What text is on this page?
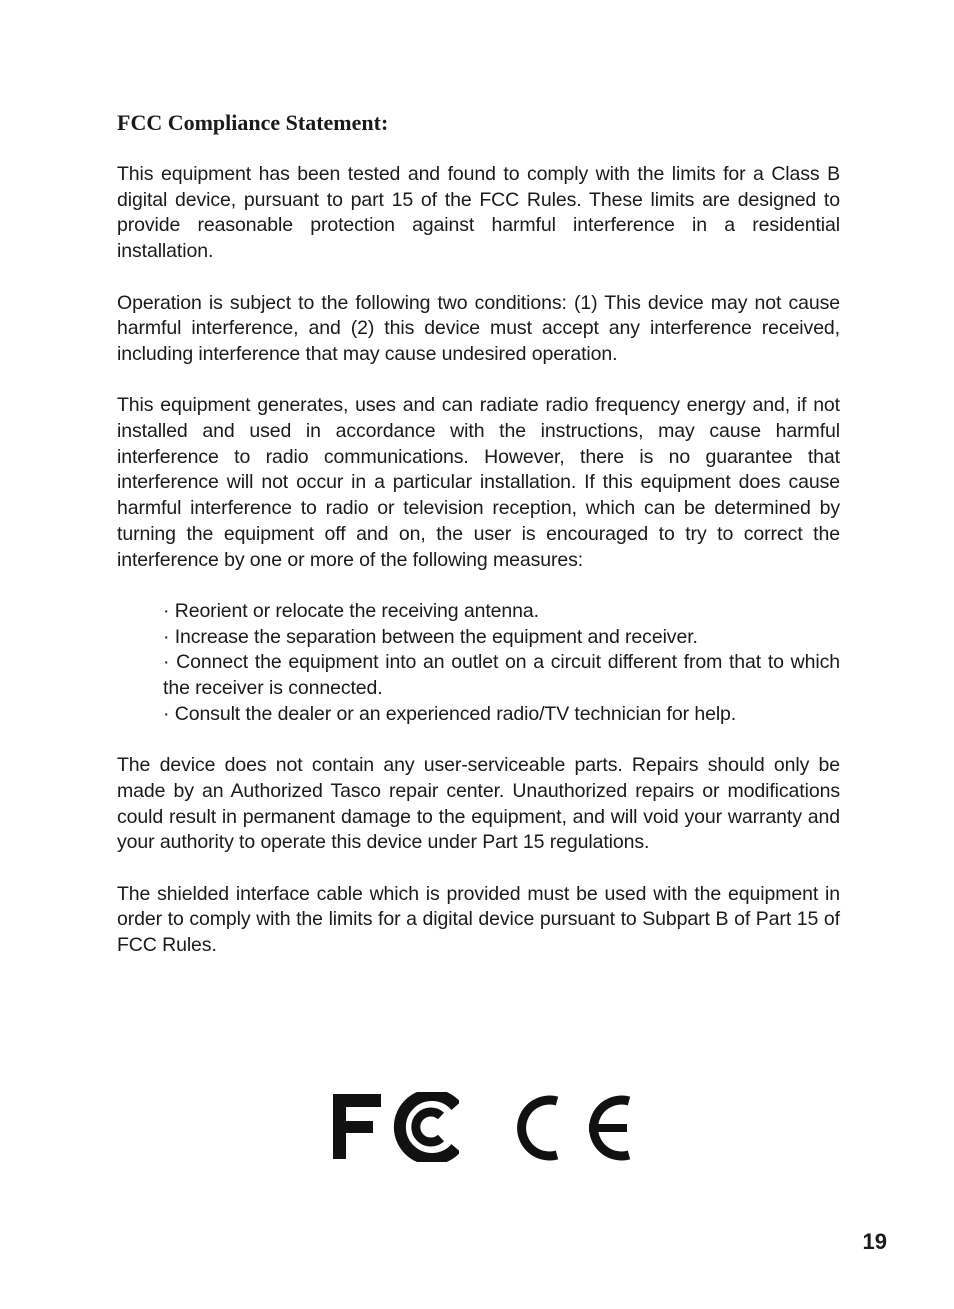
FCC Compliance Statement:

This equipment has been tested and found to comply with the limits for a Class B digital device, pursuant to part 15 of the FCC Rules. These limits are designed to provide reasonable protection against harmful interference in a residential installation.

Operation is subject to the following two conditions: (1) This device may not cause harmful interference, and (2) this device must accept any interference received, including interference that may cause undesired operation.

This equipment generates, uses and can radiate radio frequency energy and, if not installed and used in accordance with the instructions, may cause harmful interference to radio communications. However, there is no guarantee that interference will not occur in a particular installation. If this equipment does cause harmful interference to radio or television reception, which can be determined by turning the equipment off and on, the user is encouraged to try to correct the interference by one or more of the following measures:

· Reorient or relocate the receiving antenna.
· Increase the separation between the equipment and receiver.
· Connect the equipment into an outlet on a circuit different from that to which the receiver is connected.
· Consult the dealer or an experienced radio/TV technician for help.

The device does not contain any user-serviceable parts. Repairs should only be made by an Authorized Tasco repair center. Unauthorized repairs or modifications could result in permanent damage to the equipment, and will void your warranty and your authority to operate this device under Part 15 regulations.

The shielded interface cable which is provided must be used with the equipment in order to comply with the limits for a digital device pursuant to Subpart B of Part 15 of FCC Rules.

19
